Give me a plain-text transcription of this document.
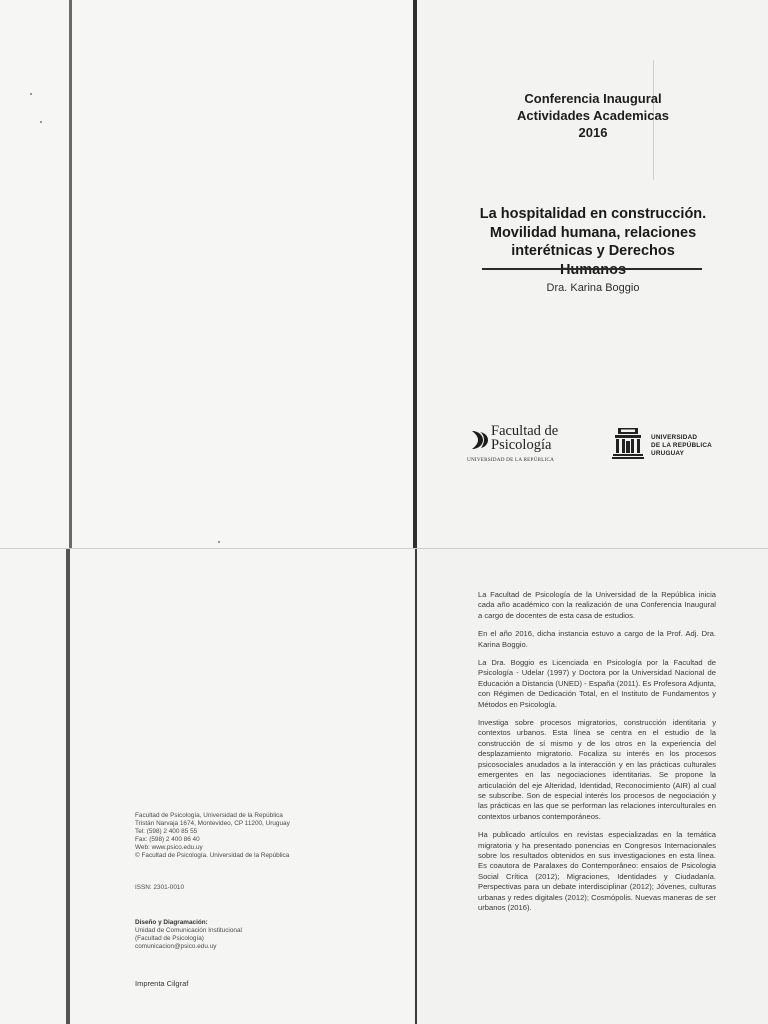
Conferencia Inaugural
Actividades Academicas
2016
La hospitalidad en construcción.
Movilidad humana, relaciones
interétnicas y Derechos
Dra. Karina Boggio
Facultad de
Psicología
UNIVERSIDAD DE LA REPÚBLICA
UNIVERSIDAD
DE LA REPÚBLICA
URUGUAY
Facultad de Psicología, Universidad de la República
Tristán Narvaja 1674, Montevideo, CP 11200, Uruguay
Tel: (598) 2 400 85 55
Fax: (598) 2 400 86 40
Web: www.psico.edu.uy
© Facultad de Psicología. Universidad de la República
ISSN: 2301-0010
Diseño y Diagramación:
Unidad de Comunicación Institucional
(Facultad de Psicología)
comunicacion@psico.edu.uy
Imprenta Cilgraf

La Facultad de Psicología de la Universidad de la República inicia cada año académico con la realización de una Conferencia Inaugural a cargo de docentes de esta casa de estudios.

En el año 2016, dicha instancia estuvo a cargo de la Prof. Adj. Dra. Karina Boggio.

La Dra. Boggio es Licenciada en Psicología por la Facultad de Psicología - Udelar (1997) y Doctora por la Universidad Nacional de Educación a Distancia (UNED) - España (2011). Es Profesora Adjunta, con Régimen de Dedicación Total, en el Instituto de Fundamentos y Métodos en Psicología.

Investiga sobre procesos migratorios, construcción identitaria y contextos urbanos. Esta línea se centra en el estudio de la construcción de sí mismo y de los otros en la experiencia del desplazamiento migratorio. Focaliza su interés en los procesos psicosociales anudados a la interacción y en las prácticas culturales emergentes en las negociaciones identitarias. Se propone la articulación del eje Alteridad, Identidad, Reconocimiento (AIR) al cual se subscribe. Son de especial interés los procesos de negociación y las prácticas en las que se performan las relaciones interculturales en contextos urbanos contemporáneos.

Ha publicado artículos en revistas especializadas en la temática migratoria y ha presentado ponencias en Congresos Internacionales sobre los resultados obtenidos en sus investigaciones en esta línea. Es coautora de Paralaxes do Contemporâneo: ensaios de Psicologia Social Crítica (2012); Migraciones, Identidades y Ciudadanía. Perspectivas para un debate interdisciplinar (2012); Jóvenes, culturas urbanas y redes digitales (2012); Cosmópolis. Nuevas maneras de ser urbanos (2016).
